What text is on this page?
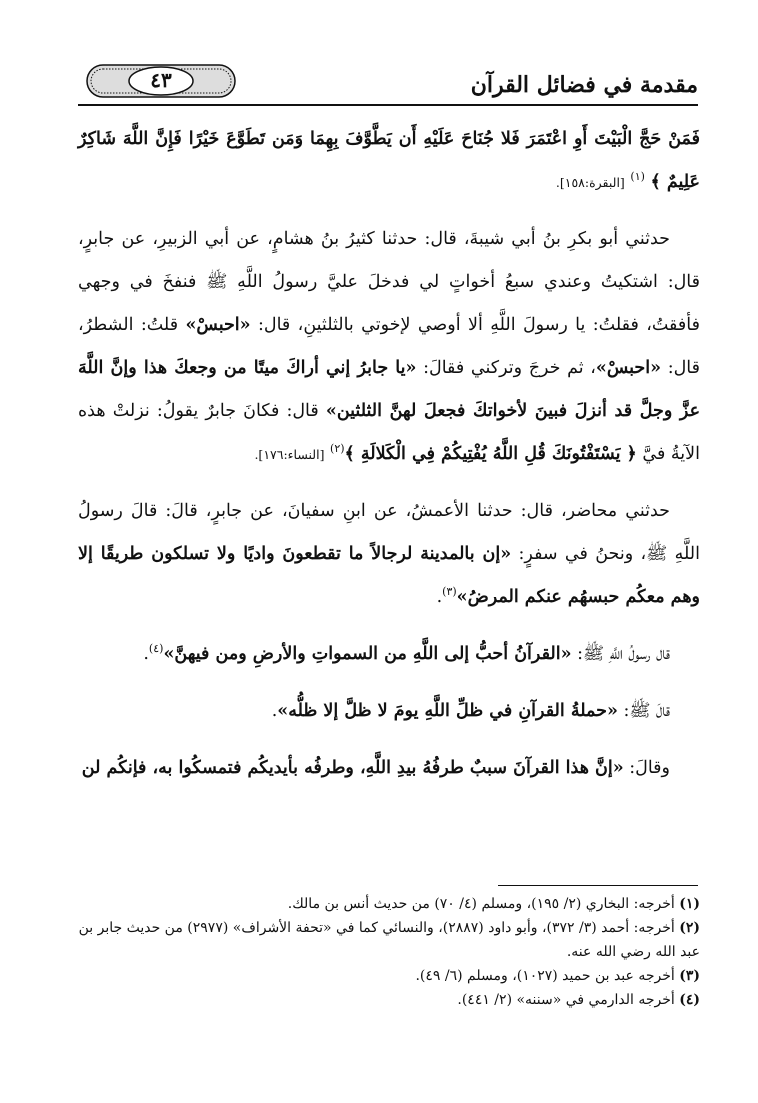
مقدمة في فضائل القرآن
٤٣

فَمَنْ حَجَّ الْبَيْتَ أَوِ اعْتَمَرَ فَلا جُنَاحَ عَلَيْهِ أَن يَطَّوَّفَ بِهِمَا وَمَن تَطَوَّعَ خَيْرًا فَإِنَّ اللَّهَ شَاكِرٌ عَلِيمٌ ﴾ $^{(١)}$ [البقرة:١٥٨].

حدثني أبو بكرِ بنُ أبي شيبةَ، قال: حدثنا كثيرُ بنُ هشامٍ، عن أبي الزبيرِ، عن جابرٍ، قال: اشتكيتُ وعندي سبعُ أخواتٍ لي فدخلَ عليَّ رسولُ اللَّهِ ﷺ فنفخَ في وجهي فأفقتُ، فقلتُ: يا رسولَ اللَّهِ ألا أوصي لإخوتي بالثلثينِ، قال: «احبسْ» قلتُ: الشطرُ، قال: «احبسْ»، ثم خرجَ وتركني فقالَ: «يا جابرُ إني أراكَ ميتًا من وجعكَ هذا وإنَّ اللَّهَ عزَّ وجلَّ قد أنزلَ فبينَ لأخواتكَ فجعلَ لهنَّ الثلثين» قال: فكانَ جابرٌ يقولُ: نزلتْ هذه الآيةُ فيَّ ﴿ يَسْتَفْتُونَكَ قُلِ اللَّهُ يُفْتِيكُمْ فِي الْكَلالَةِ ﴾$^{(٢)}$ [النساء:١٧٦].

حدثني محاضر، قال: حدثنا الأعمشُ، عن ابنِ سفيانَ، عن جابرٍ، قالَ: قالَ رسولُ اللَّهِ ﷺ، ونحنُ في سفرٍ: «إن بالمدينة لرجالاً ما تقطعونَ واديًا ولا تسلكون طريقًا إلا وهم معكُم حبسهُم عنكم المرضُ»$^{(٣)}$.

قال رسولُ اللَّهِ ﷺ: «القرآنُ أحبُّ إلى اللَّهِ من السمواتِ والأرضِ ومن فيهنَّ»$^{(٤)}$.

قالَ ﷺ: «حملةُ القرآنِ في ظلِّ اللَّهِ يومَ لا ظلَّ إلا ظلُّه».

وقالَ: «إنَّ هذا القرآنَ سببٌ طرفُهُ بيدِ اللَّهِ، وطرفُه بأيديكُم فتمسكُوا به، فإنكُم لن

(١) أخرجه: البخاري (٢/ ١٩٥)، ومسلم (٤/ ٧٠) من حديث أنس بن مالك.

(٢) أخرجه: أحمد (٣/ ٣٧٢)، وأبو داود (٢٨٨٧)، والنسائي كما في «تحفة الأشراف» (٢٩٧٧) من حديث جابر بن عبد الله رضي الله عنه.

(٣) أخرجه عبد بن حميد (١٠٢٧)، ومسلم (٦/ ٤٩).

(٤) أخرجه الدارمي في «سننه» (٢/ ٤٤١).
